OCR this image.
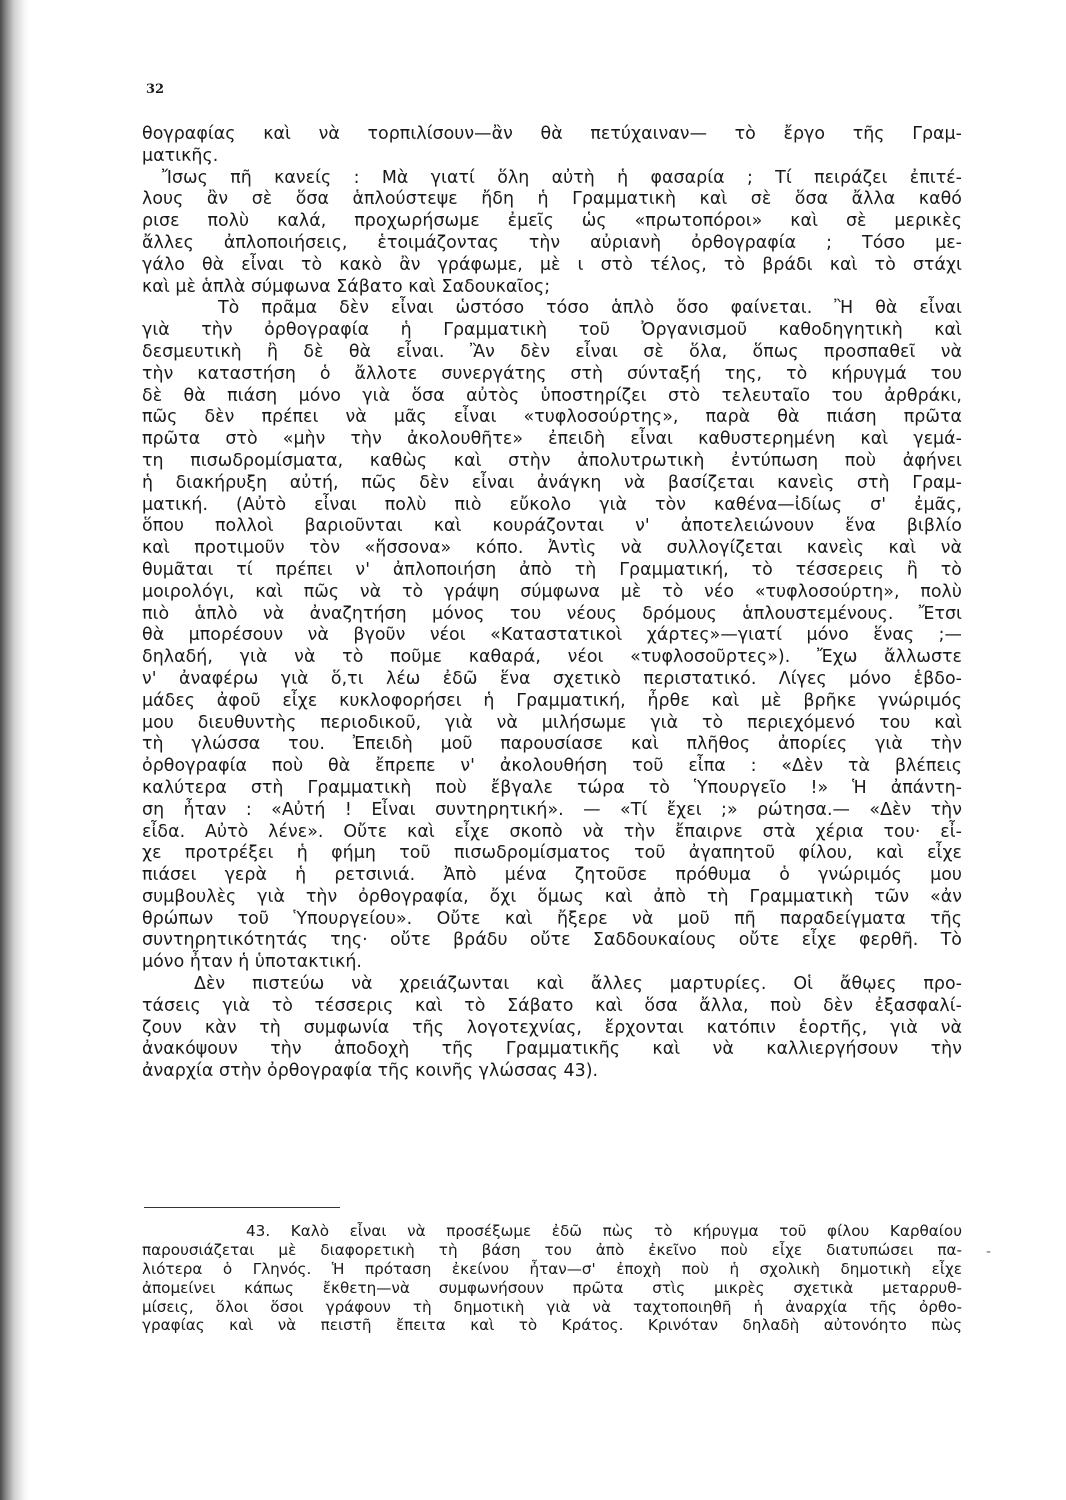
32
θογραφίας καὶ νὰ τορπιλίσουν—ἂν θὰ πετύχαιναν— τὸ ἔργο τῆς Γραμ-
ματικῆς.
Ἴσως πῆ κανείς : Μὰ γιατί ὅλη αὐτὴ ἡ φασαρία ; Τί πειράζει ἐπιτέ-
λους ἂν σὲ ὅσα ἁπλούστεψε ἤδη ἡ Γραμματικὴ καὶ σὲ ὅσα ἄλλα καθό
ρισε πολὺ καλά, προχωρήσωμε ἐμεῖς ὡς «πρωτοπόροι» καὶ σὲ μερικὲς
ἄλλες ἀπλοποιήσεις, ἑτοιμάζοντας τὴν αὐριανὴ ὀρθογραφία ; Τόσο με-
γάλο θὰ εἶναι τὸ κακὸ ἂν γράφωμε, μὲ ι στὸ τέλος, τὸ βράδι καὶ τὸ στάχι
καὶ μὲ ἁπλὰ σύμφωνα Σάβατο καὶ Σαδουκαῖος;
Τὸ πρᾶμα δὲν εἶναι ὡστόσο τόσο ἁπλὸ ὅσο φαίνεται. Ἢ θὰ εἶναι
γιὰ τὴν ὀρθογραφία ἡ Γραμματικὴ τοῦ Ὀργανισμοῦ καθοδηγητικὴ καὶ
δεσμευτικὴ ἢ δὲ θὰ εἶναι. Ἂν δὲν εἶναι σὲ ὅλα, ὅπως προσπαθεῖ νὰ
τὴν καταστήση ὁ ἄλλοτε συνεργάτης στὴ σύνταξή της, τὸ κήρυγμά του
δὲ θὰ πιάση μόνο γιὰ ὅσα αὐτὸς ὑποστηρίζει στὸ τελευταῖο του ἀρθράκι,
πῶς δὲν πρέπει νὰ μᾶς εἶναι «τυφλοσούρτης», παρὰ θὰ πιάση πρῶτα
πρῶτα στὸ «μὴν τὴν ἀκολουθῆτε» ἐπειδὴ εἶναι καθυστερημένη καὶ γεμά-
τη πισωδρομίσματα, καθὼς καὶ στὴν ἀπολυτρωτικὴ ἐντύπωση ποὺ ἀφήνει
ἡ διακήρυξη αὐτή, πῶς δὲν εἶναι ἀνάγκη νὰ βασίζεται κανεὶς στὴ Γραμ-
ματική. (Αὐτὸ εἶναι πολὺ πιὸ εὔκολο γιὰ τὸν καθένα—ἰδίως σ' ἐμᾶς,
ὅπου πολλοὶ βαριοῦνται καὶ κουράζονται ν' ἀποτελειώνουν ἕνα βιβλίο
καὶ προτιμοῦν τὸν «ἥσσονα» κόπο. Ἀντὶς νὰ συλλογίζεται κανεὶς καὶ νὰ
θυμᾶται τί πρέπει ν' ἀπλοποιήση ἀπὸ τὴ Γραμματική, τὸ τέσσερεις ἢ τὸ
μοιρολόγι, καὶ πῶς νὰ τὸ γράψη σύμφωνα μὲ τὸ νέο «τυφλοσούρτη», πολὺ
πιὸ ἁπλὸ νὰ ἀναζητήση μόνος του νέους δρόμους ἁπλουστεμένους. Ἔτσι
θὰ μπορέσουν νὰ βγοῦν νέοι «Καταστατικοὶ χάρτες»—γιατί μόνο ἕνας ;—
δηλαδή, γιὰ νὰ τὸ ποῦμε καθαρά, νέοι «τυφλοσοῦρτες»). Ἔχω ἄλλωστε
ν' ἀναφέρω γιὰ ὅ,τι λέω ἐδῶ ἕνα σχετικὸ περιστατικό. Λίγες μόνο ἑβδο-
μάδες ἀφοῦ εἶχε κυκλοφορήσει ἡ Γραμματική, ἦρθε καὶ μὲ βρῆκε γνώριμός
μου διευθυντὴς περιοδικοῦ, γιὰ νὰ μιλήσωμε γιὰ τὸ περιεχόμενό του καὶ
τὴ γλώσσα του. Ἐπειδὴ μοῦ παρουσίασε καὶ πλῆθος ἀπορίες γιὰ τὴν
ὀρθογραφία ποὺ θὰ ἔπρεπε ν' ἀκολουθήση τοῦ εἶπα : «Δὲν τὰ βλέπεις
καλύτερα στὴ Γραμματικὴ ποὺ ἔβγαλε τώρα τὸ Ὑπουργεῖο !» Ἡ ἀπάντη-
ση ἦταν : «Αὐτή ! Εἶναι συντηρητική». — «Τί ἔχει ;» ρώτησα.— «Δὲν τὴν
εἶδα. Αὐτὸ λένε». Οὔτε καὶ εἶχε σκοπὸ νὰ τὴν ἔπαιρνε στὰ χέρια του· εἶ-
χε προτρέξει ἡ φήμη τοῦ πισωδρομίσματος τοῦ ἀγαπητοῦ φίλου, καὶ εἶχε
πιάσει γερὰ ἡ ρετσινιά. Ἀπὸ μένα ζητοῦσε πρόθυμα ὁ γνώριμός μου
συμβουλὲς γιὰ τὴν ὀρθογραφία, ὄχι ὅμως καὶ ἀπὸ τὴ Γραμματικὴ τῶν «ἀν
θρώπων τοῦ Ὑπουργείου». Οὔτε καὶ ἤξερε νὰ μοῦ πῆ παραδείγματα τῆς
συντηρητικότητάς της· οὔτε βράδυ οὔτε Σαδδουκαίους οὔτε εἶχε φερθῆ. Τὸ
μόνο ἦταν ἡ ὑποτακτική.
Δὲν πιστεύω νὰ χρειάζωνται καὶ ἄλλες μαρτυρίες. Οἱ ἄθῳες προ-
τάσεις γιὰ τὸ τέσσερις καὶ τὸ Σάβατο καὶ ὅσα ἄλλα, ποὺ δὲν ἐξασφαλί-
ζουν κὰν τὴ συμφωνία τῆς λογοτεχνίας, ἔρχονται κατόπιν ἑορτῆς, γιὰ νὰ
ἀνακόψουν τὴν ἀποδοχὴ τῆς Γραμματικῆς καὶ νὰ καλλιεργήσουν τὴν
ἀναρχία στὴν ὀρθογραφία τῆς κοινῆς γλώσσας 43).
43. Καλὸ εἶναι νὰ προσέξωμε ἐδῶ πὼς τὸ κήρυγμα τοῦ φίλου Καρθαίου
παρουσιάζεται μὲ διαφορετικὴ τὴ βάση του ἀπὸ ἐκεῖνο ποὺ εἶχε διατυπώσει πα-
λιότερα ὁ Γληνός. Ἡ πρόταση ἐκείνου ἦταν—σ' ἐποχὴ ποὺ ἡ σχολικὴ δημοτικὴ εἶχε
ἀπομείνει κάπως ἔκθετη—νὰ συμφωνήσουν πρῶτα στὶς μικρὲς σχετικὰ μεταρρυθ-
μίσεις, ὅλοι ὅσοι γράφουν τὴ δημοτικὴ γιὰ νὰ ταχτοποιηθῆ ἡ ἀναρχία τῆς ὀρθο-
γραφίας καὶ νὰ πειστῆ ἔπειτα καὶ τὸ Κράτος. Κρινόταν δηλαδὴ αὐτονόητο πὼς
-
